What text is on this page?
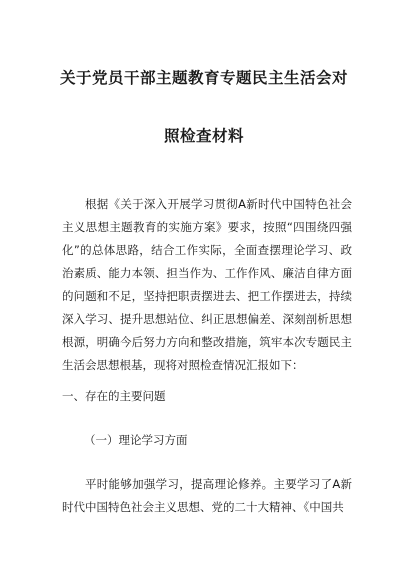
关于党员干部主题教育专题民主生活会对
照检查材料
根据《关于深入开展学习贯彻A新时代中国特色社会主义思想主题教育的实施方案》要求，按照“四围绕四强化”的总体思路，结合工作实际，全面查摆理论学习、政治素质、能力本领、担当作为、工作作风、廉洁自律方面的问题和不足，坚持把职责摆进去、把工作摆进去，持续深入学习、提升思想站位、纠正思想偏差、深刻剖析思想根源，明确今后努力方向和整改措施，筑牢本次专题民主生活会思想根基，现将对照检查情况汇报如下：
一、存在的主要问题
（一）理论学习方面
平时能够加强学习，提高理论修养。主要学习了A新时代中国特色社会主义思想、党的二十大精神、《中国共
